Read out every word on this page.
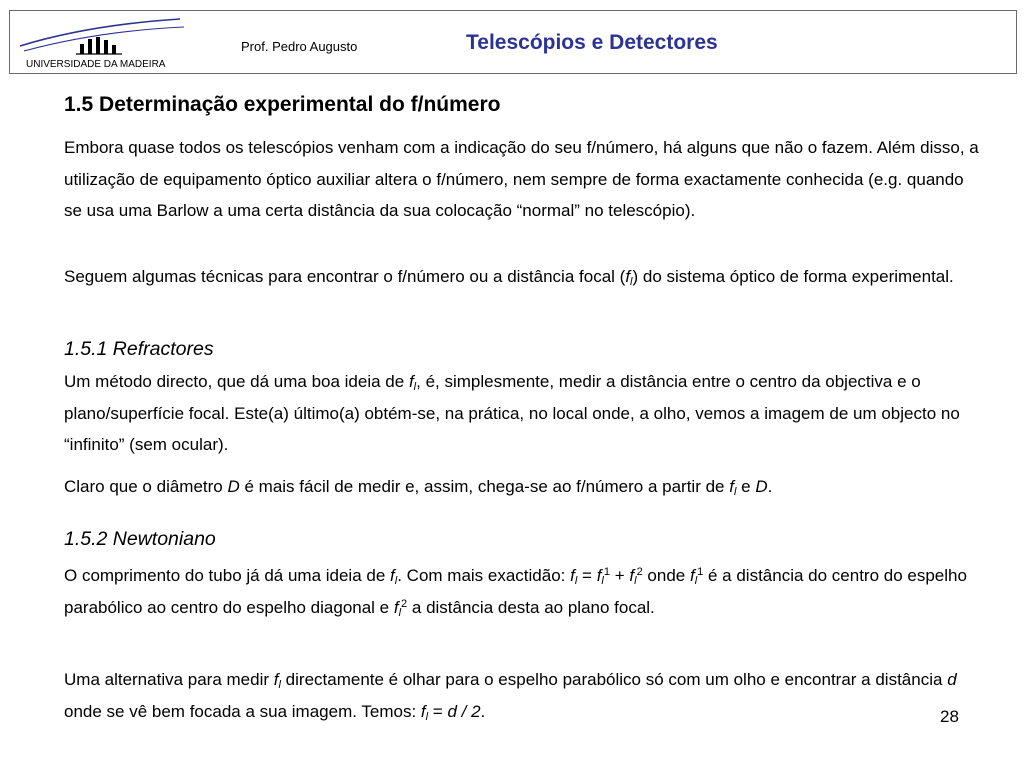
UNIVERSIDADE DA MADEIRA
Prof. Pedro Augusto	Telescópios e Detectores
1.5 Determinação experimental do f/número
Embora quase todos os telescópios venham com a indicação do seu f/número, há alguns que não o fazem. Além disso, a utilização de equipamento óptico auxiliar altera o f/número, nem sempre de forma exactamente conhecida (e.g. quando se usa uma Barlow a uma certa distância da sua colocação “normal” no telescópio).
Seguem algumas técnicas para encontrar o f/número ou a distância focal $(f_l)$ do sistema óptico de forma experimental.
1.5.1 Refractores
Um método directo, que dá uma boa ideia de $f_l$, é, simplesmente, medir a distância entre o centro da objectiva e o plano/superfície focal. Este(a) último(a) obtém-se, na prática, no local onde, a olho, vemos a imagem de um objecto no “infinito” (sem ocular).
Claro que o diâmetro D é mais fácil de medir e, assim, chega-se ao f/número a partir de $f_l$ e D.
1.5.2 Newtoniano
O comprimento do tubo já dá uma ideia de $f_l$. Com mais exactidão: $f_l = f_l^1 + f_l^2$ onde $f_l^1$ é a distância do centro do espelho parabólico ao centro do espelho diagonal e $f_l^2$ a distância desta ao plano focal.
Uma alternativa para medir $f_l$ directamente é olhar para o espelho parabólico só com um olho e encontrar a distância d onde se vê bem focada a sua imagem. Temos: $f_l = d / 2$.	28
